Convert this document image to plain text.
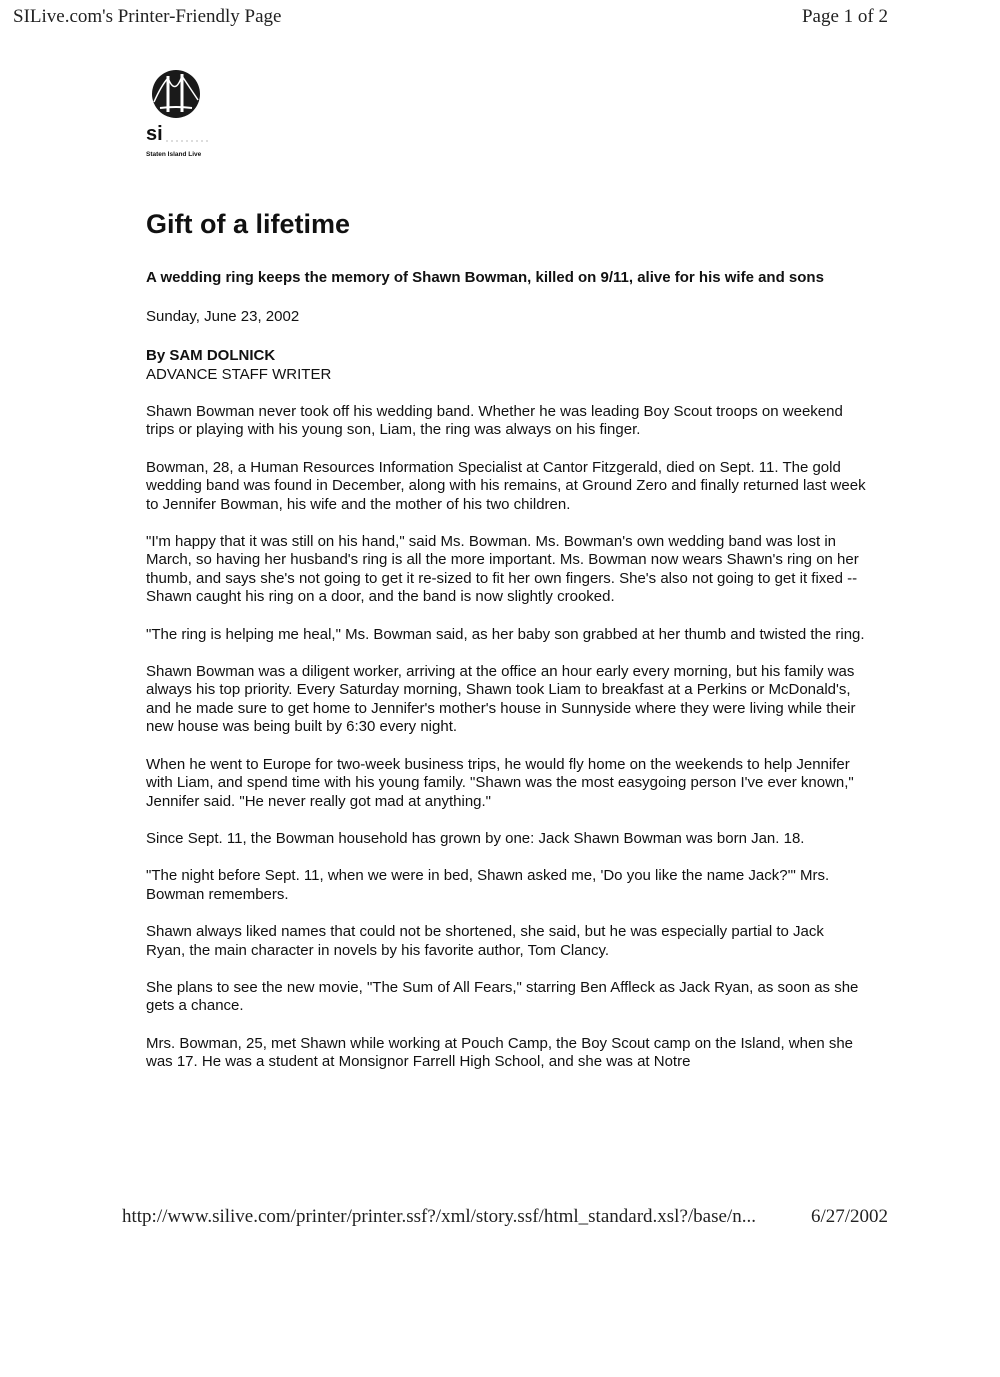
SILive.com's Printer-Friendly Page	Page 1 of 2
si
Staten Island Live
Gift of a lifetime

A wedding ring keeps the memory of Shawn Bowman, killed on 9/11, alive for his wife and sons

Sunday, June 23, 2002

By SAM DOLNICK
ADVANCE STAFF WRITER

Shawn Bowman never took off his wedding band. Whether he was leading Boy Scout troops on weekend trips or playing with his young son, Liam, the ring was always on his finger.

Bowman, 28, a Human Resources Information Specialist at Cantor Fitzgerald, died on Sept. 11. The gold wedding band was found in December, along with his remains, at Ground Zero and finally returned last week to Jennifer Bowman, his wife and the mother of his two children.

"I'm happy that it was still on his hand," said Ms. Bowman. Ms. Bowman's own wedding band was lost in March, so having her husband's ring is all the more important. Ms. Bowman now wears Shawn's ring on her thumb, and says she's not going to get it re-sized to fit her own fingers. She's also not going to get it fixed -- Shawn caught his ring on a door, and the band is now slightly crooked.

"The ring is helping me heal," Ms. Bowman said, as her baby son grabbed at her thumb and twisted the ring.

Shawn Bowman was a diligent worker, arriving at the office an hour early every morning, but his family was always his top priority. Every Saturday morning, Shawn took Liam to breakfast at a Perkins or McDonald's, and he made sure to get home to Jennifer's mother's house in Sunnyside where they were living while their new house was being built by 6:30 every night.

When he went to Europe for two-week business trips, he would fly home on the weekends to help Jennifer with Liam, and spend time with his young family. "Shawn was the most easygoing person I've ever known," Jennifer said. "He never really got mad at anything."

Since Sept. 11, the Bowman household has grown by one: Jack Shawn Bowman was born Jan. 18.

"The night before Sept. 11, when we were in bed, Shawn asked me, 'Do you like the name Jack?'" Mrs. Bowman remembers.

Shawn always liked names that could not be shortened, she said, but he was especially partial to Jack Ryan, the main character in novels by his favorite author, Tom Clancy.

She plans to see the new movie, "The Sum of All Fears," starring Ben Affleck as Jack Ryan, as soon as she gets a chance.

Mrs. Bowman, 25, met Shawn while working at Pouch Camp, the Boy Scout camp on the Island, when she was 17. He was a student at Monsignor Farrell High School, and she was at Notre

http://www.silive.com/printer/printer.ssf?/xml/story.ssf/html_standard.xsl?/base/n...	6/27/2002
